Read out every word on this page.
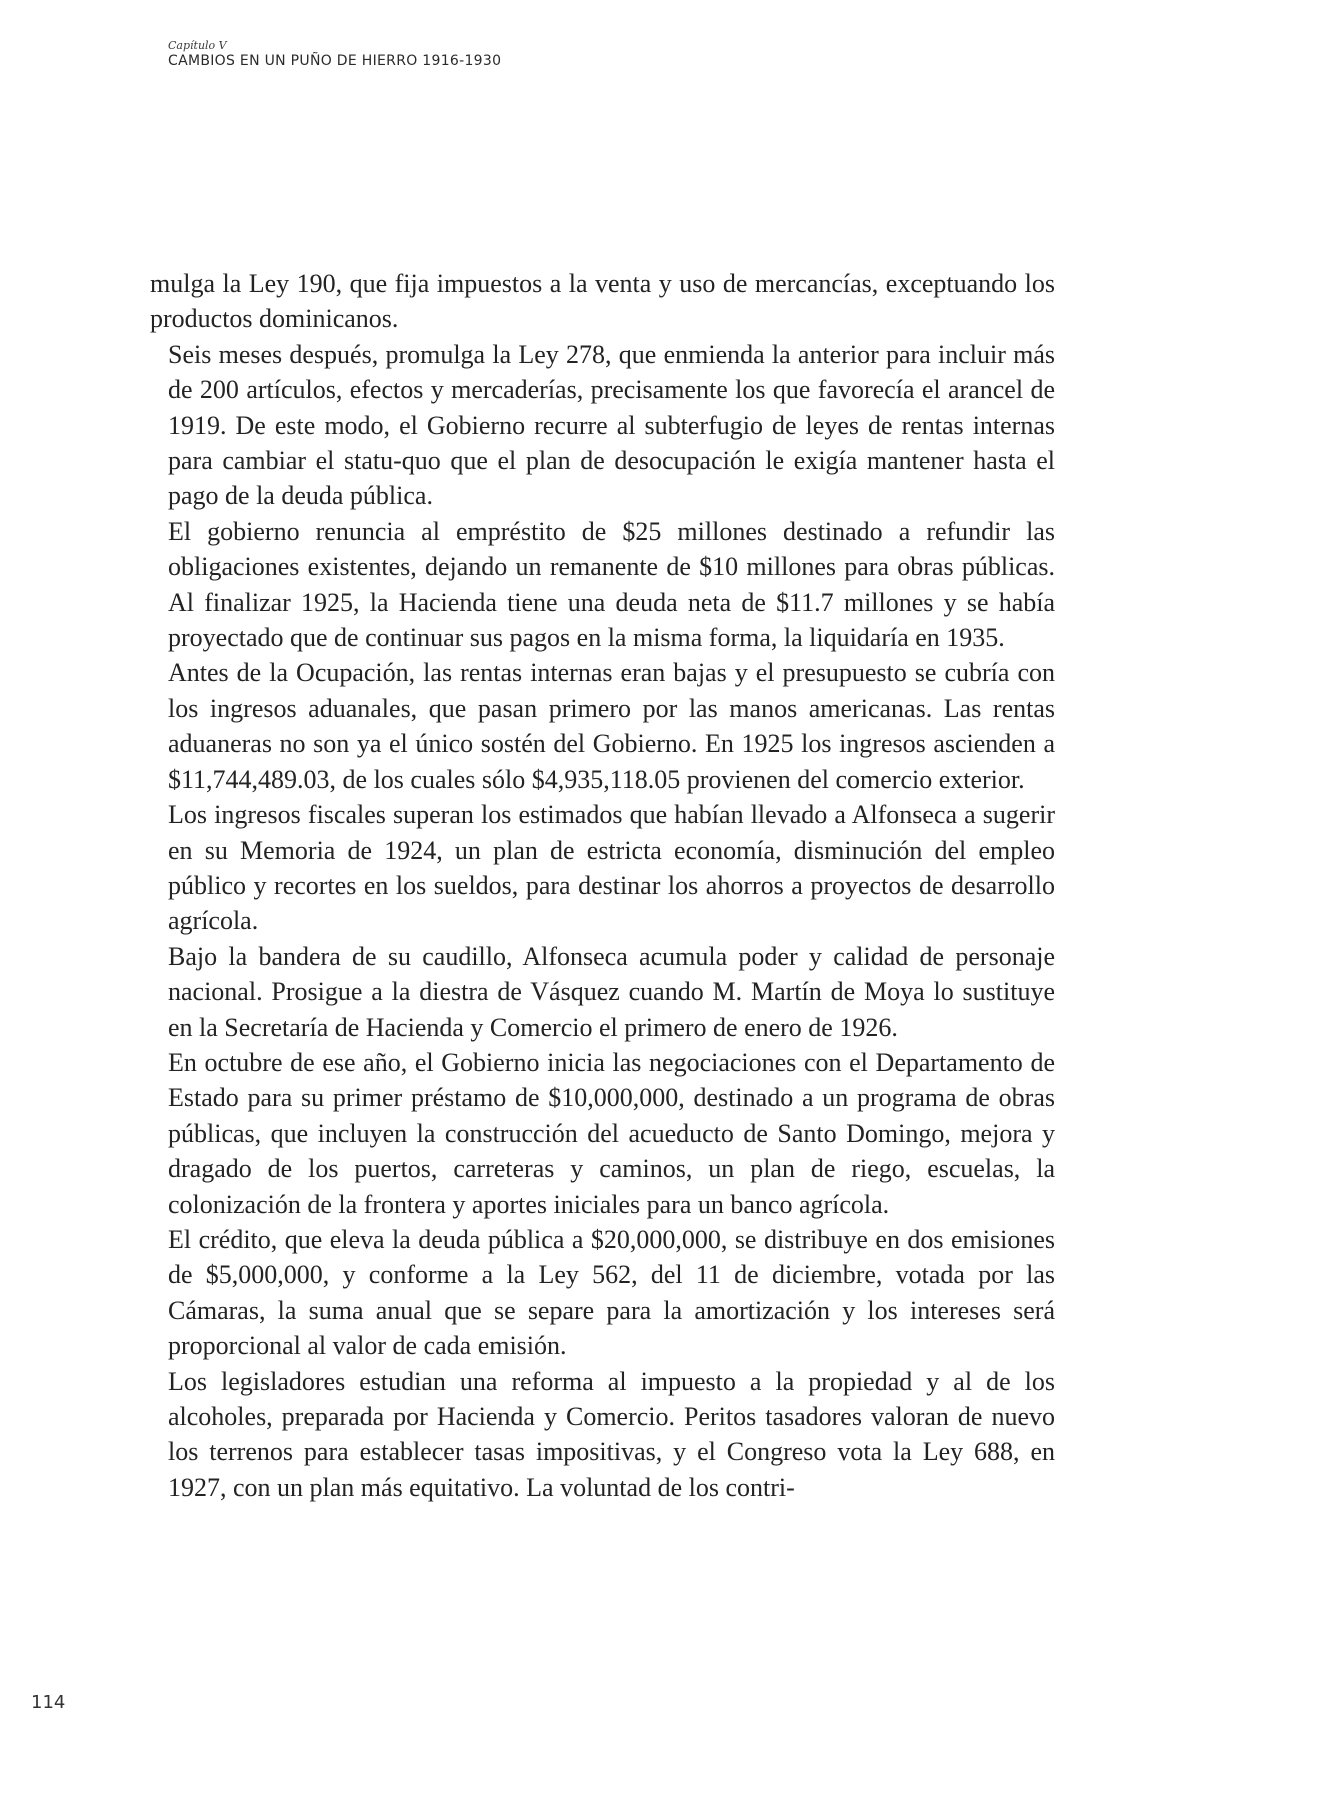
Capítulo V
CAMBIOS EN UN PUÑO DE HIERRO 1916-1930

mulga la Ley 190, que fija impuestos a la venta y uso de mercancías, exceptuando los productos dominicanos.

Seis meses después, promulga la Ley 278, que enmienda la anterior para incluir más de 200 artículos, efectos y mercaderías, precisamente los que favorecía el arancel de 1919. De este modo, el Gobierno recurre al subterfugio de leyes de rentas internas para cambiar el statu-quo que el plan de desocupación le exigía mantener hasta el pago de la deuda pública.

El gobierno renuncia al empréstito de $25 millones destinado a refundir las obligaciones existentes, dejando un remanente de $10 millones para obras públicas. Al finalizar 1925, la Hacienda tiene una deuda neta de $11.7 millones y se había proyectado que de continuar sus pagos en la misma forma, la liquidaría en 1935.

Antes de la Ocupación, las rentas internas eran bajas y el presupuesto se cubría con los ingresos aduanales, que pasan primero por las manos americanas. Las rentas aduaneras no son ya el único sostén del Gobierno. En 1925 los ingresos ascienden a $11,744,489.03, de los cuales sólo $4,935,118.05 provienen del comercio exterior.

Los ingresos fiscales superan los estimados que habían llevado a Alfonseca a sugerir en su Memoria de 1924, un plan de estricta economía, disminución del empleo público y recortes en los sueldos, para destinar los ahorros a proyectos de desarrollo agrícola.

Bajo la bandera de su caudillo, Alfonseca acumula poder y calidad de personaje nacional. Prosigue a la diestra de Vásquez cuando M. Martín de Moya lo sustituye en la Secretaría de Hacienda y Comercio el primero de enero de 1926.

En octubre de ese año, el Gobierno inicia las negociaciones con el Departamento de Estado para su primer préstamo de $10,000,000, destinado a un programa de obras públicas, que incluyen la construcción del acueducto de Santo Domingo, mejora y dragado de los puertos, carreteras y caminos, un plan de riego, escuelas, la colonización de la frontera y aportes iniciales para un banco agrícola.

El crédito, que eleva la deuda pública a $20,000,000, se distribuye en dos emisiones de $5,000,000, y conforme a la Ley 562, del 11 de diciembre, votada por las Cámaras, la suma anual que se separe para la amortización y los intereses será proporcional al valor de cada emisión.

Los legisladores estudian una reforma al impuesto a la propiedad y al de los alcoholes, preparada por Hacienda y Comercio. Peritos tasadores valoran de nuevo los terrenos para establecer tasas impositivas, y el Congreso vota la Ley 688, en 1927, con un plan más equitativo. La voluntad de los contri-

114
